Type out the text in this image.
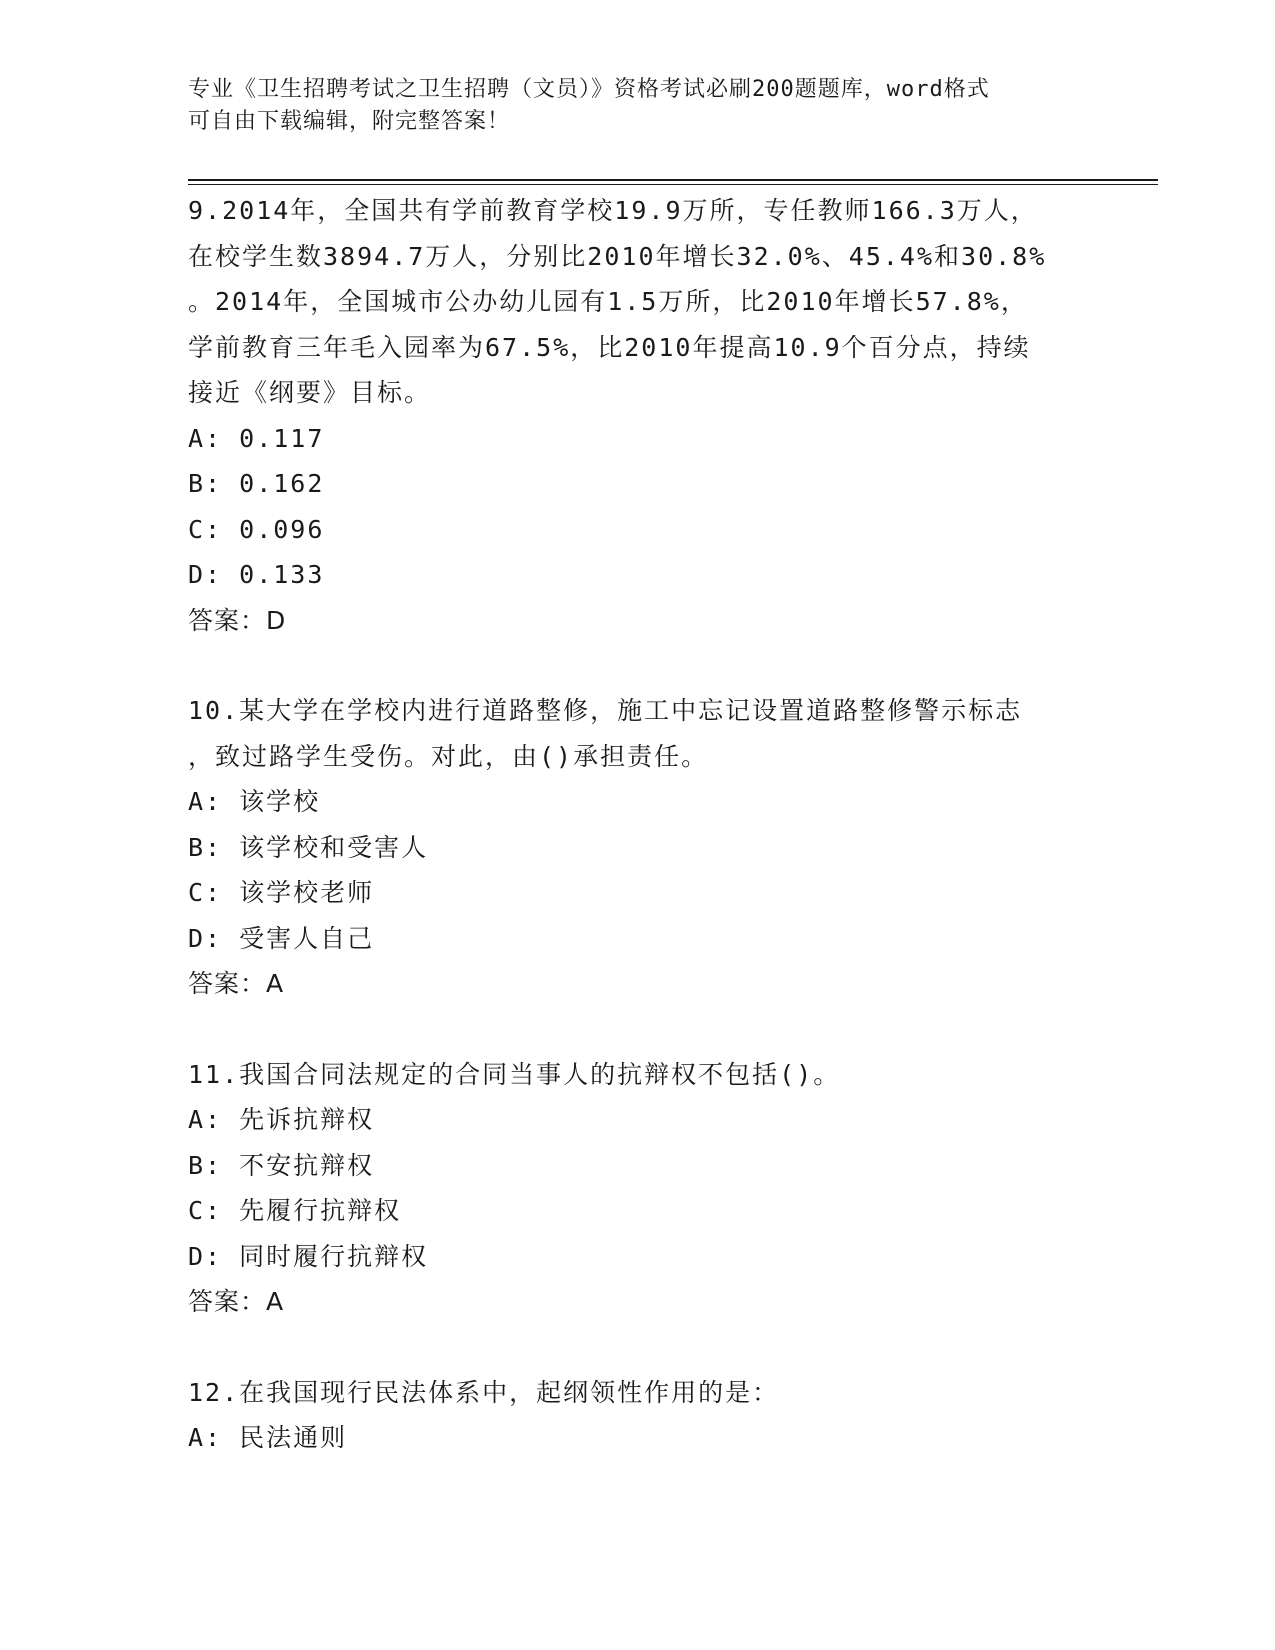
专业《卫生招聘考试之卫生招聘（文员）》资格考试必刷200题题库，word格式
可自由下载编辑，附完整答案！
9.2014年，全国共有学前教育学校19.9万所，专任教师166.3万人，
在校学生数3894.7万人，分别比2010年增长32.0%、45.4%和30.8%
。2014年，全国城市公办幼儿园有1.5万所，比2010年增长57.8%，
学前教育三年毛入园率为67.5%，比2010年提高10.9个百分点，持续
接近《纲要》目标。
A: 0.117
B: 0.162
C: 0.096
D: 0.133
答案：D
10.某大学在学校内进行道路整修，施工中忘记设置道路整修警示标志
，致过路学生受伤。对此，由()承担责任。
A: 该学校
B: 该学校和受害人
C: 该学校老师
D: 受害人自己
答案：A
11.我国合同法规定的合同当事人的抗辩权不包括()。
A: 先诉抗辩权
B: 不安抗辩权
C: 先履行抗辩权
D: 同时履行抗辩权
答案：A
12.在我国现行民法体系中，起纲领性作用的是：
A: 民法通则
